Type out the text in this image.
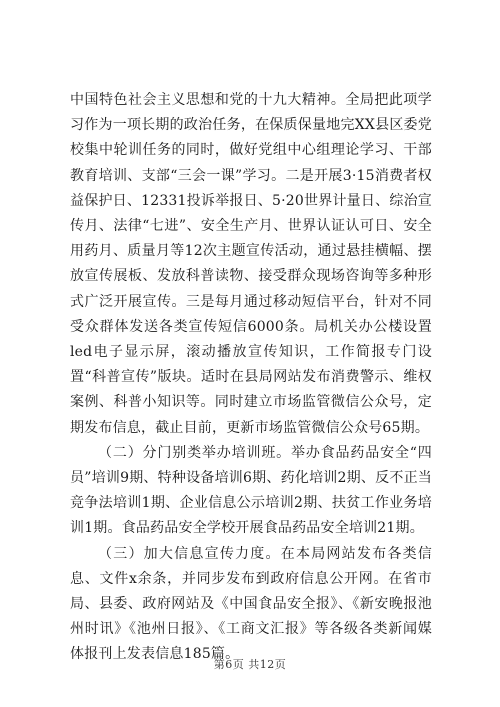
中国特色社会主义思想和党的十九大精神。全局把此项学习作为一项长期的政治任务，在保质保量地完XX县区委党校集中轮训任务的同时，做好党组中心组理论学习、干部教育培训、支部“三会一课”学习。二是开展3·15消费者权益保护日、12331投诉举报日、5·20世界计量日、综治宣传月、法律“七进”、安全生产月、世界认证认可日、安全用药月、质量月等12次主题宣传活动，通过悬挂横幅、摆放宣传展板、发放科普读物、接受群众现场咨询等多种形式广泛开展宣传。三是每月通过移动短信平台，针对不同受众群体发送各类宣传短信6000条。局机关办公楼设置led电子显示屏，滚动播放宣传知识，工作简报专门设置“科普宣传”版块。适时在县局网站发布消费警示、维权案例、科普小知识等。同时建立市场监管微信公众号，定期发布信息，截止目前，更新市场监管微信公众号65期。

（二）分门别类举办培训班。举办食品药品安全“四员”培训9期、特种设备培训6期、药化培训2期、反不正当竞争法培训1期、企业信息公示培训2期、扶贫工作业务培训1期。食品药品安全学校开展食品药品安全培训21期。

（三）加大信息宣传力度。在本局网站发布各类信息、文件x余条，并同步发布到政府信息公开网。在省市局、县委、政府网站及《中国食品安全报》、《新安晚报池州时讯》《池州日报》、《工商文汇报》等各级各类新闻媒体报刊上发表信息185篇。

第6页 共12页
